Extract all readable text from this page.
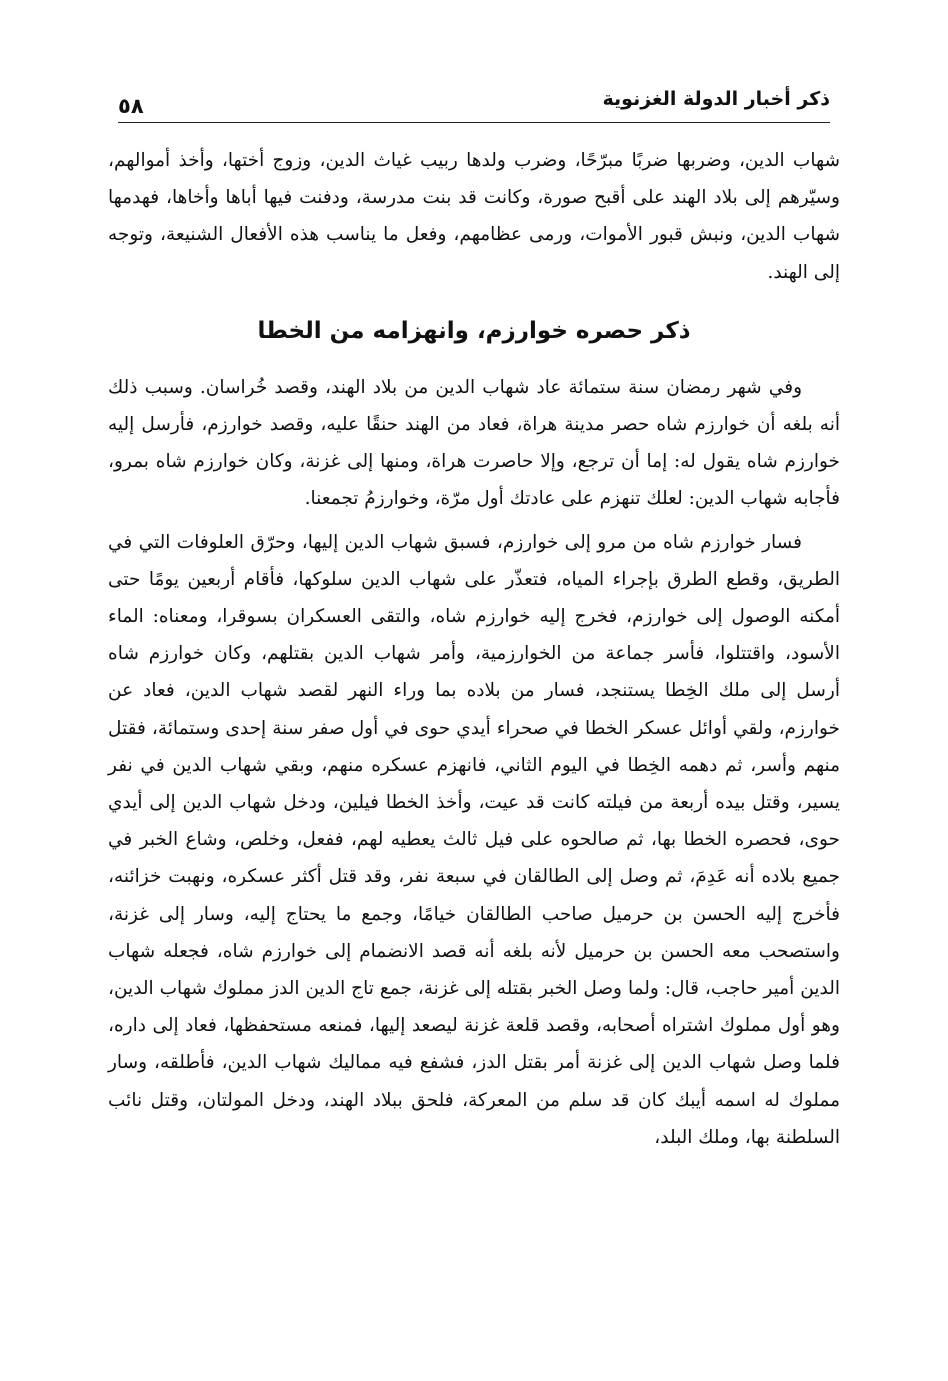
ذكر أخبار الدولة الغزنوية
٥٨

شهاب الدين، وضربها ضربًا مبرّحًا، وضرب ولدها ربيب غياث الدين، وزوج أختها، وأخذ أموالهم، وسيّرهم إلى بلاد الهند على أقبح صورة، وكانت قد بنت مدرسة، ودفنت فيها أباها وأخاها، فهدمها شهاب الدين، ونبش قبور الأموات، ورمى عظامهم، وفعل ما يناسب هذه الأفعال الشنيعة، وتوجه إلى الهند.

ذكر حصره خوارزم، وانهزامه من الخطا

وفي شهر رمضان سنة ستمائة عاد شهاب الدين من بلاد الهند، وقصد خُراسان. وسبب ذلك أنه بلغه أن خوارزم شاه حصر مدينة هراة، فعاد من الهند حنقًا عليه، وقصد خوارزم، فأرسل إليه خوارزم شاه يقول له: إما أن ترجع، وإلا حاصرت هراة، ومنها إلى غزنة، وكان خوارزم شاه بمرو، فأجابه شهاب الدين: لعلك تنهزم على عادتك أول مرّة، وخوارزمُ تجمعنا.

فسار خوارزم شاه من مرو إلى خوارزم، فسبق شهاب الدين إليها، وحرّق العلوفات التي في الطريق، وقطع الطرق بإجراء المياه، فتعذّر على شهاب الدين سلوكها، فأقام أربعين يومًا حتى أمكنه الوصول إلى خوارزم، فخرج إليه خوارزم شاه، والتقى العسكران بسوقرا، ومعناه: الماء الأسود، واقتتلوا، فأسر جماعة من الخوارزمية، وأمر شهاب الدين بقتلهم، وكان خوارزم شاه أرسل إلى ملك الخِطا يستنجد، فسار من بلاده بما وراء النهر لقصد شهاب الدين، فعاد عن خوارزم، ولقي أوائل عسكر الخطا في صحراء أيدي حوى في أول صفر سنة إحدى وستمائة، فقتل منهم وأسر، ثم دهمه الخِطا في اليوم الثاني، فانهزم عسكره منهم، وبقي شهاب الدين في نفر يسير، وقتل بيده أربعة من فيلته كانت قد عيت، وأخذ الخطا فيلين، ودخل شهاب الدين إلى أيدي حوى، فحصره الخطا بها، ثم صالحوه على فيل ثالث يعطيه لهم، ففعل، وخلص، وشاع الخبر في جميع بلاده أنه عَدِمَ، ثم وصل إلى الطالقان في سبعة نفر، وقد قتل أكثر عسكره، ونهبت خزائنه، فأخرج إليه الحسن بن حرميل صاحب الطالقان خيامًا، وجمع ما يحتاج إليه، وسار إلى غزنة، واستصحب معه الحسن بن حرميل لأنه بلغه أنه قصد الانضمام إلى خوارزم شاه، فجعله شهاب الدين أمير حاجب، قال: ولما وصل الخبر بقتله إلى غزنة، جمع تاج الدين الدز مملوك شهاب الدين، وهو أول مملوك اشتراه أصحابه، وقصد قلعة غزنة ليصعد إليها، فمنعه مستحفظها، فعاد إلى داره، فلما وصل شهاب الدين إلى غزنة أمر بقتل الدز، فشفع فيه مماليك شهاب الدين، فأطلقه، وسار مملوك له اسمه أيبك كان قد سلم من المعركة، فلحق ببلاد الهند، ودخل المولتان، وقتل نائب السلطنة بها، وملك البلد،
